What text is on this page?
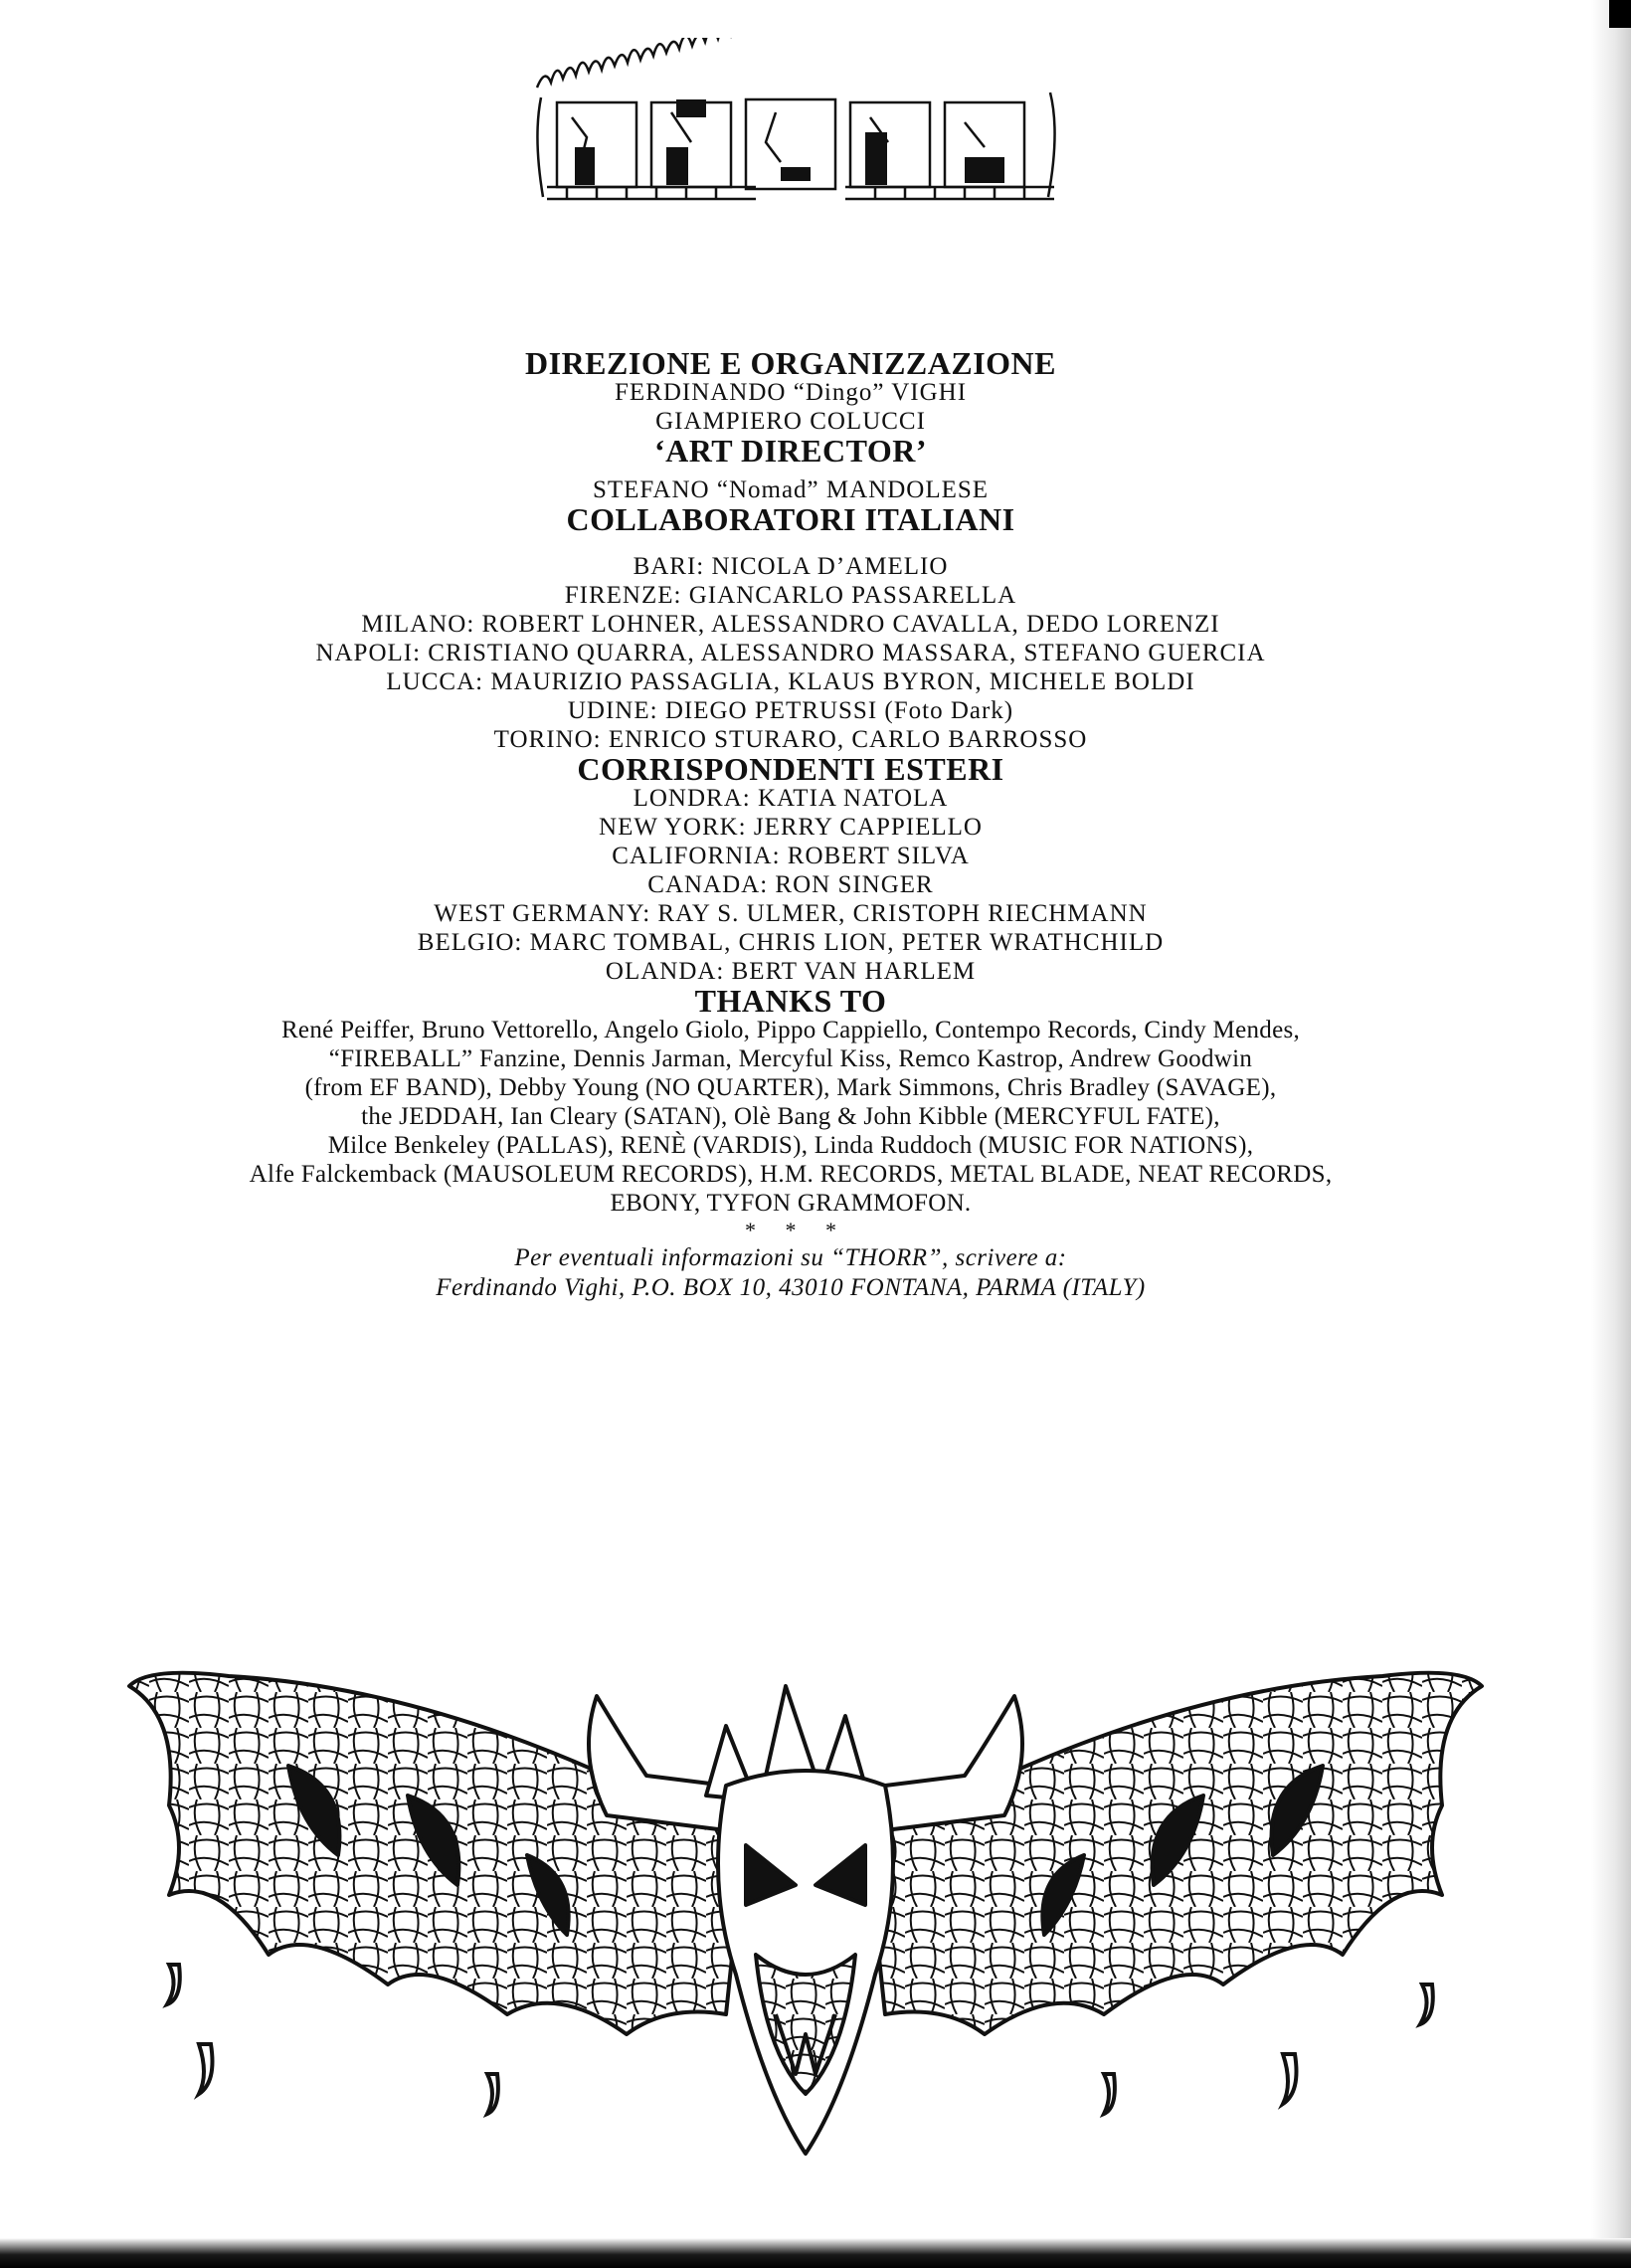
DIREZIONE E ORGANIZZAZIONE
FERDINANDO “Dingo” VIGHI
GIAMPIERO COLUCCI
‘ART DIRECTOR’
STEFANO “Nomad” MANDOLESE
COLLABORATORI ITALIANI
BARI: NICOLA D’AMELIO
FIRENZE: GIANCARLO PASSARELLA
MILANO: ROBERT LOHNER, ALESSANDRO CAVALLA, DEDO LORENZI
NAPOLI: CRISTIANO QUARRA, ALESSANDRO MASSARA, STEFANO GUERCIA
LUCCA: MAURIZIO PASSAGLIA, KLAUS BYRON, MICHELE BOLDI
UDINE: DIEGO PETRUSSI (Foto Dark)
TORINO: ENRICO STURARO, CARLO BARROSSO
CORRISPONDENTI ESTERI
LONDRA: KATIA NATOLA
NEW YORK: JERRY CAPPIELLO
CALIFORNIA: ROBERT SILVA
CANADA: RON SINGER
WEST GERMANY: RAY S. ULMER, CRISTOPH RIECHMANN
BELGIO: MARC TOMBAL, CHRIS LION, PETER WRATHCHILD
OLANDA: BERT VAN HARLEM
THANKS TO
René Peiffer, Bruno Vettorello, Angelo Giolo, Pippo Cappiello, Contempo Records, Cindy Mendes,
“FIREBALL” Fanzine, Dennis Jarman, Mercyful Kiss, Remco Kastrop, Andrew Goodwin
(from EF BAND), Debby Young (NO QUARTER), Mark Simmons, Chris Bradley (SAVAGE),
the JEDDAH, Ian Cleary (SATAN), Olè Bang & John Kibble (MERCYFUL FATE),
Milce Benkeley (PALLAS), RENÈ (VARDIS), Linda Ruddoch (MUSIC FOR NATIONS),
Alfe Falckemback (MAUSOLEUM RECORDS), H.M. RECORDS, METAL BLADE, NEAT RECORDS,
EBONY, TYFON GRAMMOFON.
* * *
Per eventuali informazioni su “THORR”, scrivere a:
Ferdinando Vighi, P.O. BOX 10, 43010 FONTANA, PARMA (ITALY)
